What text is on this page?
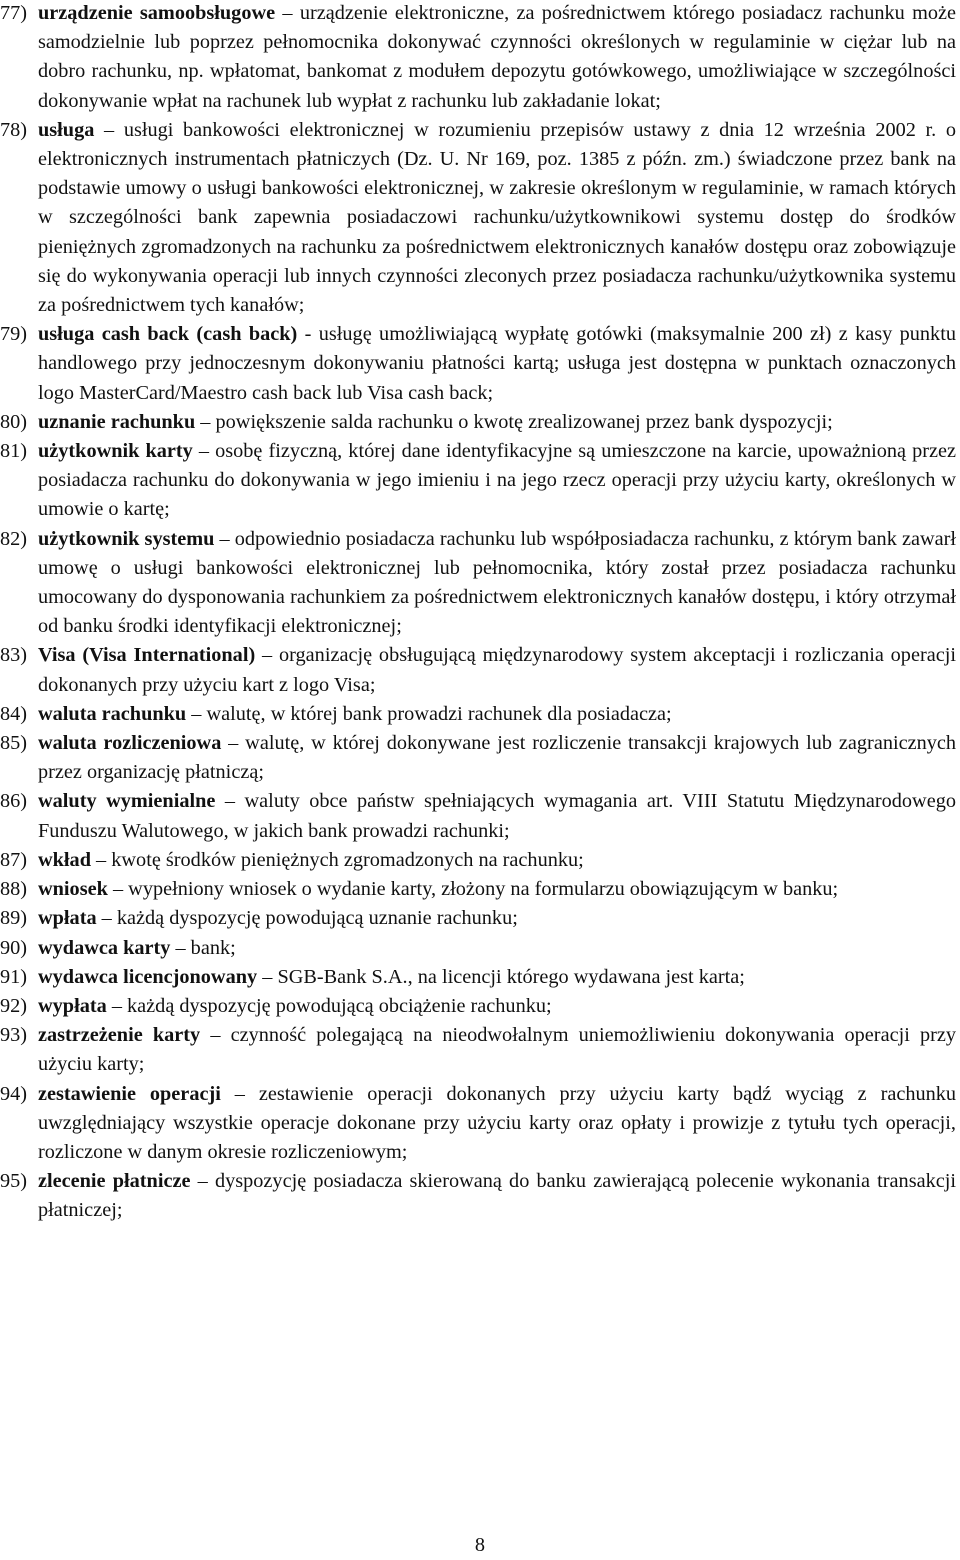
77) urządzenie samoobsługowe – urządzenie elektroniczne, za pośrednictwem którego posiadacz rachunku może samodzielnie lub poprzez pełnomocnika dokonywać czynności określonych w regulaminie w ciężar lub na dobro rachunku, np. wpłatomat, bankomat z modułem depozytu gotówkowego, umożliwiające w szczególności dokonywanie wpłat na rachunek lub wypłat z rachunku lub zakładanie lokat;
78) usługa – usługi bankowości elektronicznej w rozumieniu przepisów ustawy z dnia 12 września 2002 r. o elektronicznych instrumentach płatniczych (Dz. U. Nr 169, poz. 1385 z późn. zm.) świadczone przez bank na podstawie umowy o usługi bankowości elektronicznej, w zakresie określonym w regulaminie, w ramach których w szczególności bank zapewnia posiadaczowi rachunku/użytkownikowi systemu dostęp do środków pieniężnych zgromadzonych na rachunku za pośrednictwem elektronicznych kanałów dostępu oraz zobowiązuje się do wykonywania operacji lub innych czynności zleconych przez posiadacza rachunku/użytkownika systemu za pośrednictwem tych kanałów;
79) usługa cash back (cash back) - usługę umożliwiającą wypłatę gotówki (maksymalnie 200 zł) z kasy punktu handlowego przy jednoczesnym dokonywaniu płatności kartą; usługa jest dostępna w punktach oznaczonych logo MasterCard/Maestro cash back lub Visa cash back;
80) uznanie rachunku – powiększenie salda rachunku o kwotę zrealizowanej przez bank dyspozycji;
81) użytkownik karty – osobę fizyczną, której dane identyfikacyjne są umieszczone na karcie, upoważnioną przez posiadacza rachunku do dokonywania w jego imieniu i na jego rzecz operacji przy użyciu karty, określonych w umowie o kartę;
82) użytkownik systemu – odpowiednio posiadacza rachunku lub współposiadacza rachunku, z którym bank zawarł umowę o usługi bankowości elektronicznej lub pełnomocnika, który został przez posiadacza rachunku umocowany do dysponowania rachunkiem za pośrednictwem elektronicznych kanałów dostępu, i który otrzymał od banku środki identyfikacji elektronicznej;
83) Visa (Visa International) – organizację obsługującą międzynarodowy system akceptacji i rozliczania operacji dokonanych przy użyciu kart z logo Visa;
84) waluta rachunku – walutę, w której bank prowadzi rachunek dla posiadacza;
85) waluta rozliczeniowa – walutę, w której dokonywane jest rozliczenie transakcji krajowych lub zagranicznych przez organizację płatniczą;
86) waluty wymienialne – waluty obce państw spełniających wymagania art. VIII Statutu Międzynarodowego Funduszu Walutowego, w jakich bank prowadzi rachunki;
87) wkład – kwotę środków pieniężnych zgromadzonych na rachunku;
88) wniosek – wypełniony wniosek o wydanie karty, złożony na formularzu obowiązującym w banku;
89) wpłata – każdą dyspozycję powodującą uznanie rachunku;
90) wydawca karty – bank;
91) wydawca licencjonowany – SGB-Bank S.A., na licencji którego wydawana jest karta;
92) wypłata – każdą dyspozycję powodującą obciążenie rachunku;
93) zastrzeżenie karty – czynność polegającą na nieodwołalnym uniemożliwieniu dokonywania operacji przy użyciu karty;
94) zestawienie operacji – zestawienie operacji dokonanych przy użyciu karty bądź wyciąg z rachunku uwzględniający wszystkie operacje dokonane przy użyciu karty oraz opłaty i prowizje z tytułu tych operacji, rozliczone w danym okresie rozliczeniowym;
95) zlecenie płatnicze – dyspozycję posiadacza skierowaną do banku zawierającą polecenie wykonania transakcji płatniczej;
8
